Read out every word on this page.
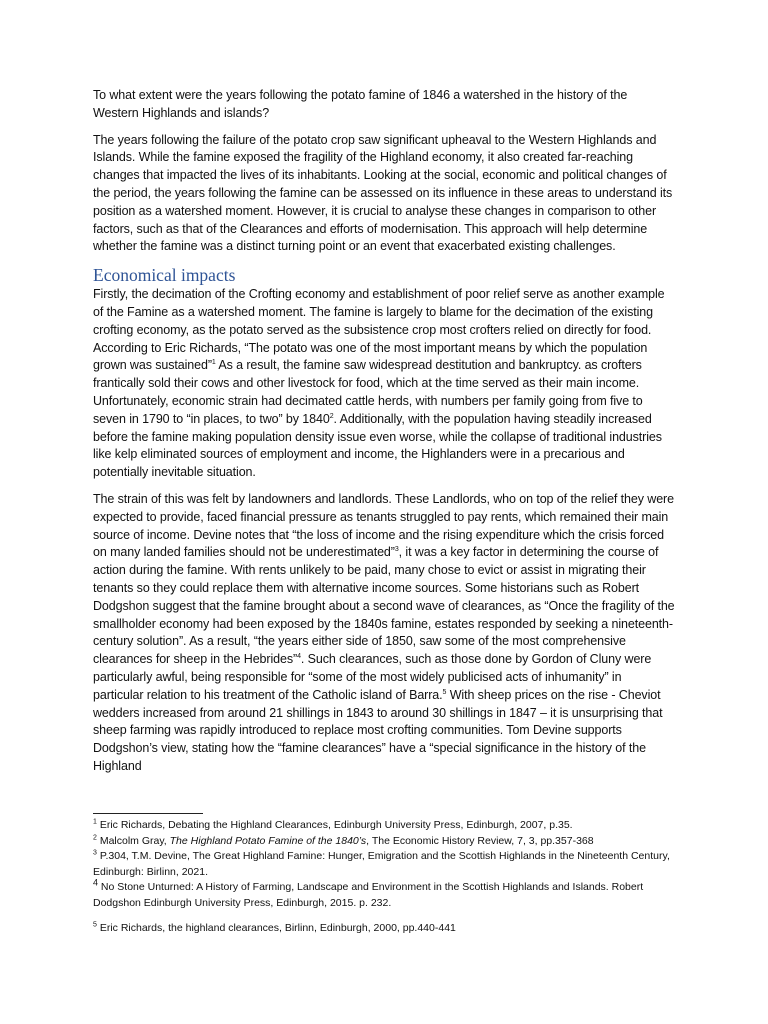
To what extent were the years following the potato famine of 1846 a watershed in the history of the Western Highlands and islands?

The years following the failure of the potato crop saw significant upheaval to the Western Highlands and Islands. While the famine exposed the fragility of the Highland economy, it also created far-reaching changes that impacted the lives of its inhabitants. Looking at the social, economic and political changes of the period, the years following the famine can be assessed on its influence in these areas to understand its position as a watershed moment. However, it is crucial to analyse these changes in comparison to other factors, such as that of the Clearances and efforts of modernisation. This approach will help determine whether the famine was a distinct turning point or an event that exacerbated existing challenges.

Economical impacts

Firstly, the decimation of the Crofting economy and establishment of poor relief serve as another example of the Famine as a watershed moment. The famine is largely to blame for the decimation of the existing crofting economy, as the potato served as the subsistence crop most crofters relied on directly for food. According to Eric Richards, “The potato was one of the most important means by which the population grown was sustained”$^1$ As a result, the famine saw widespread destitution and bankruptcy. as crofters frantically sold their cows and other livestock for food, which at the time served as their main income. Unfortunately, economic strain had decimated cattle herds, with numbers per family going from five to seven in 1790 to “in places, to two” by 1840$^2$. Additionally, with the population having steadily increased before the famine making population density issue even worse, while the collapse of traditional industries like kelp eliminated sources of employment and income, the Highlanders were in a precarious and potentially inevitable situation.

The strain of this was felt by landowners and landlords. These Landlords, who on top of the relief they were expected to provide, faced financial pressure as tenants struggled to pay rents, which remained their main source of income. Devine notes that “the loss of income and the rising expenditure which the crisis forced on many landed families should not be underestimated”$^3$, it was a key factor in determining the course of action during the famine. With rents unlikely to be paid, many chose to evict or assist in migrating their tenants so they could replace them with alternative income sources. Some historians such as Robert Dodgshon suggest that the famine brought about a second wave of clearances, as “Once the fragility of the smallholder economy had been exposed by the 1840s famine, estates responded by seeking a nineteenth-century solution”. As a result, “the years either side of 1850, saw some of the most comprehensive clearances for sheep in the Hebrides”$^4$. Such clearances, such as those done by Gordon of Cluny were particularly awful, being responsible for “some of the most widely publicised acts of inhumanity” in particular relation to his treatment of the Catholic island of Barra.$^5$ With sheep prices on the rise - Cheviot wedders increased from around 21 shillings in 1843 to around 30 shillings in 1847 – it is unsurprising that sheep farming was rapidly introduced to replace most crofting communities. Tom Devine supports Dodgshon’s view, stating how the “famine clearances” have a “special significance in the history of the Highland

$^1$ Eric Richards, Debating the Highland Clearances, Edinburgh University Press, Edinburgh, 2007, p.35.

$^2$ Malcolm Gray, The Highland Potato Famine of the 1840’s, The Economic History Review, 7, 3, pp.357-368

$^3$ P.304, T.M. Devine, The Great Highland Famine: Hunger, Emigration and the Scottish Highlands in the Nineteenth Century, Edinburgh: Birlinn, 2021.

4 No Stone Unturned: A History of Farming, Landscape and Environment in the Scottish Highlands and Islands. Robert Dodgshon Edinburgh University Press, Edinburgh, 2015. p. 232.

$^5$ Eric Richards, the highland clearances, Birlinn, Edinburgh, 2000, pp.440-441
